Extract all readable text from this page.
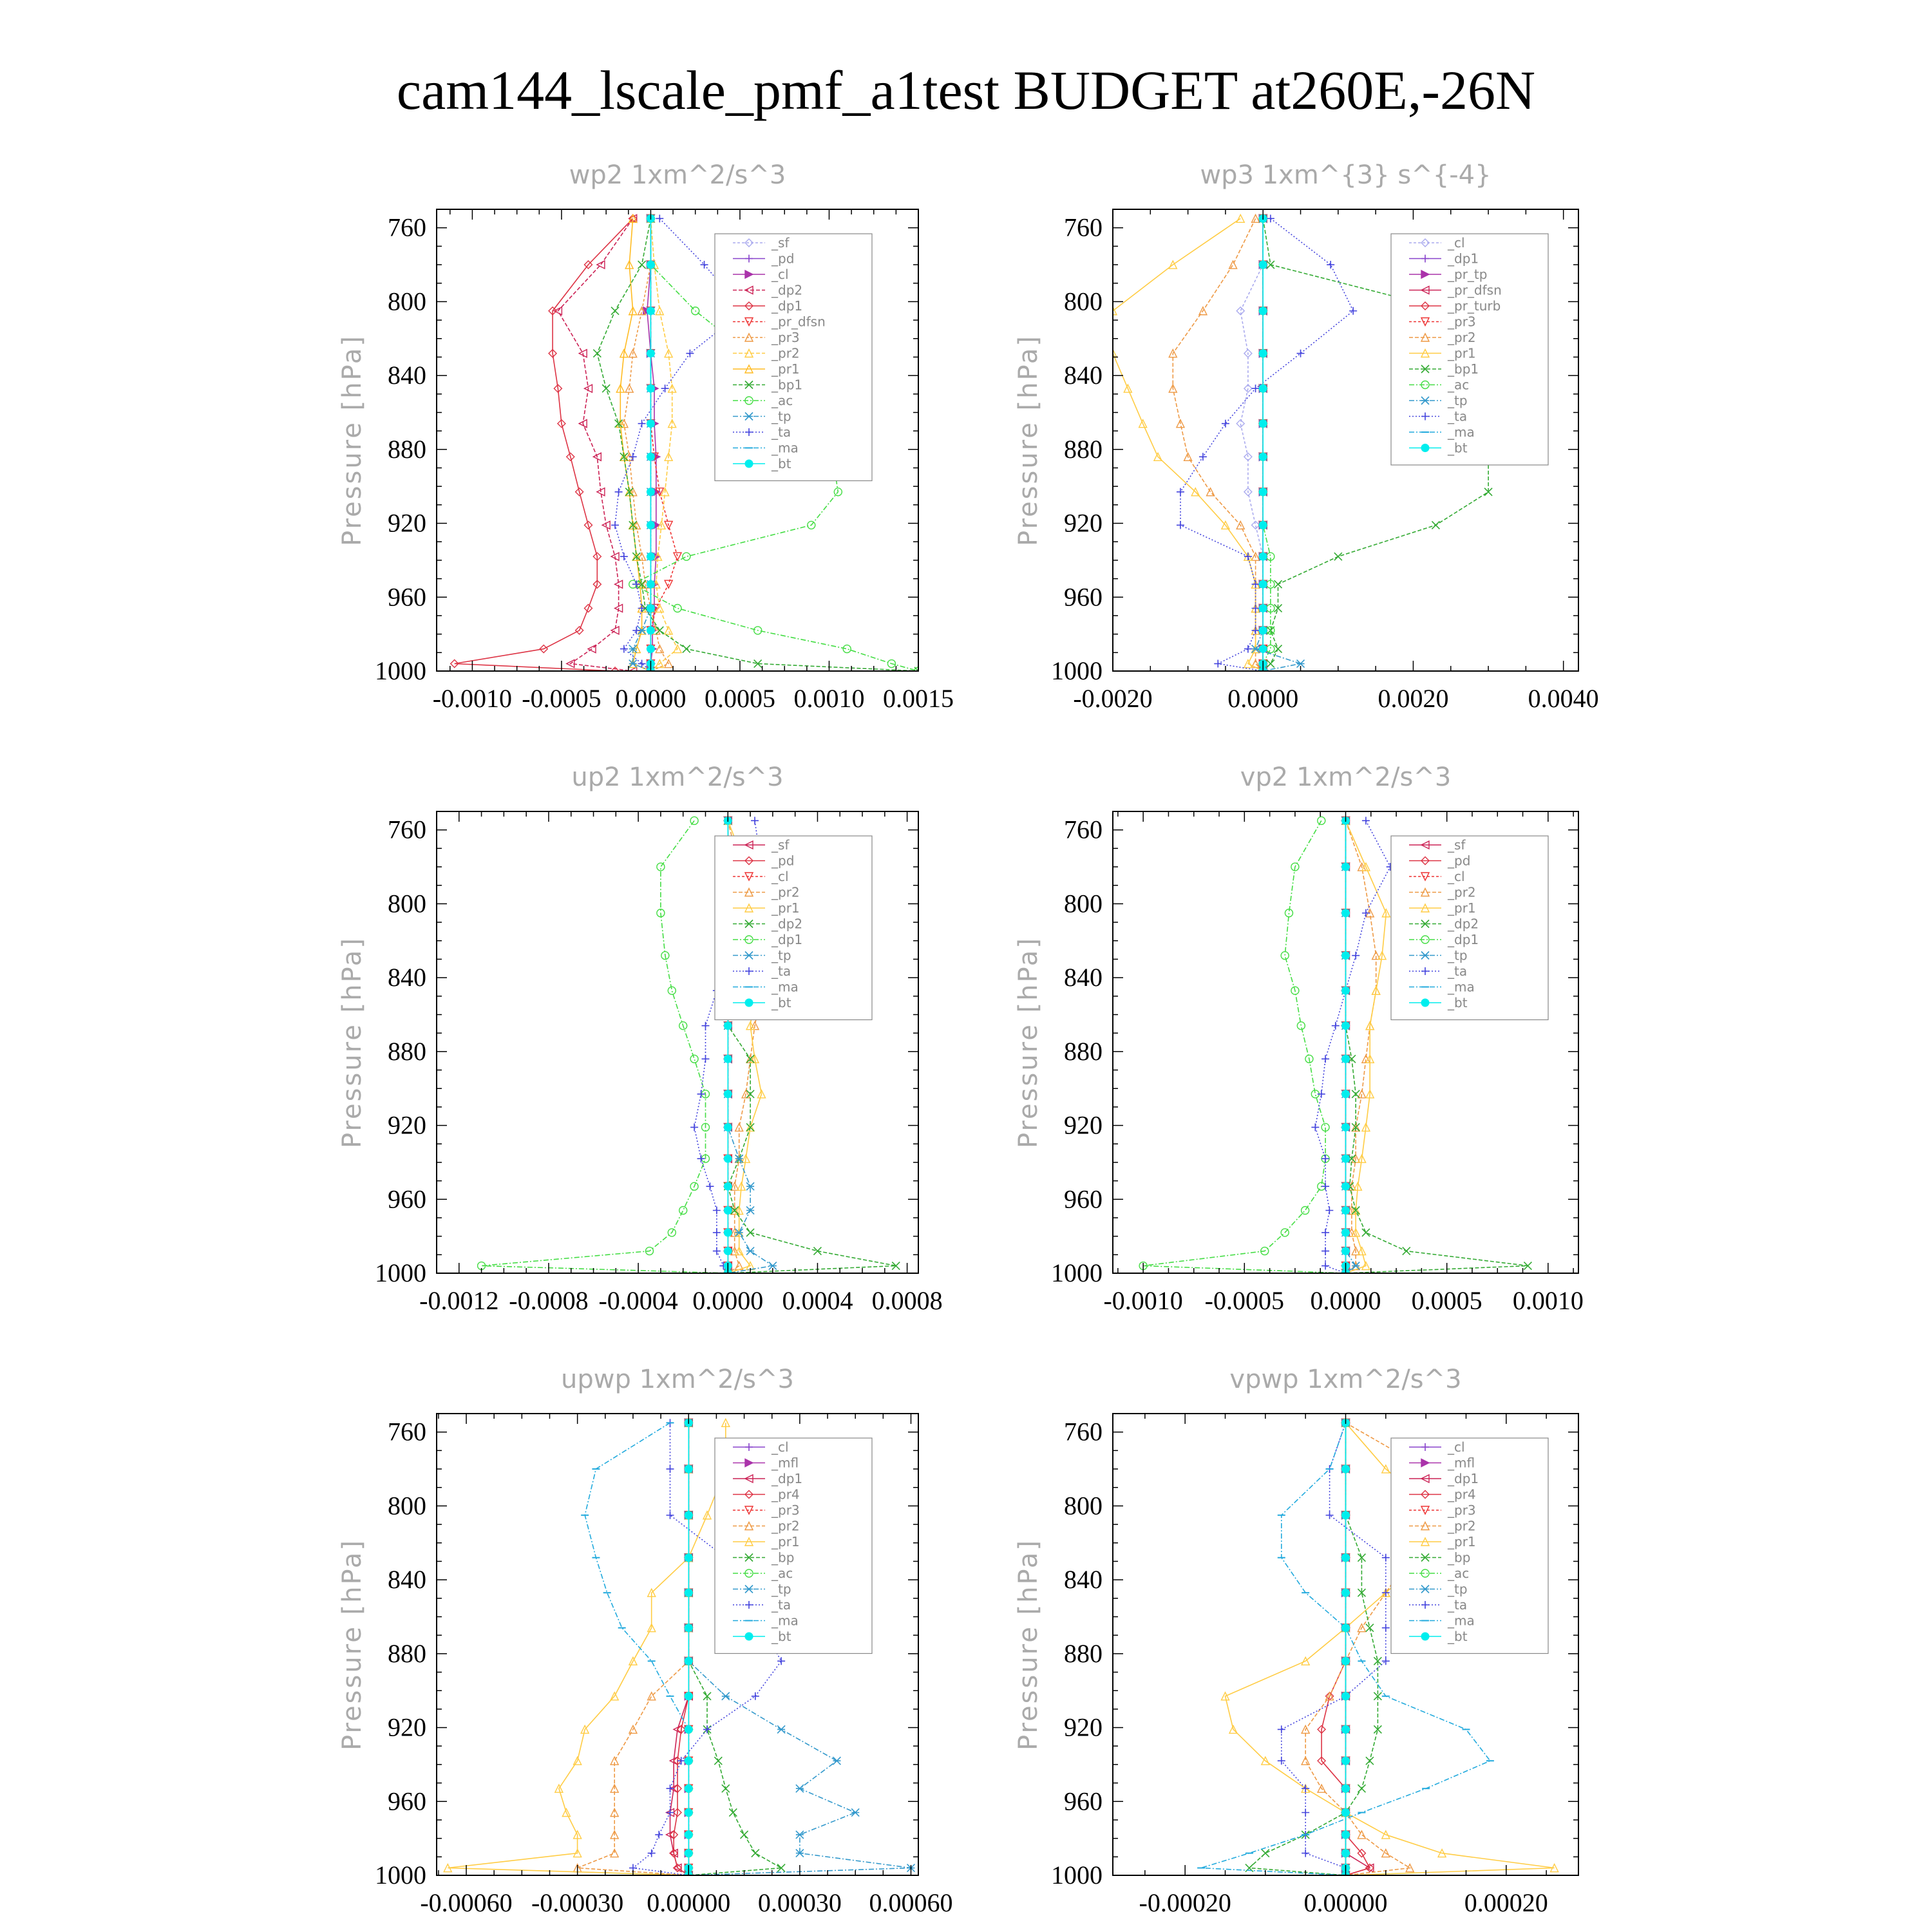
cam144_lscale_pmf_a1test BUDGET at260E,-26N
wp2 1xm^2/s^3
Pressure [hPa]
760
800
840
880
920
960
1000
-0.0010 -0.0005 0.0000 0.0005 0.0010 0.0015
_sf
_pd
_cl
_dp2
_dp1
_pr_dfsn
_pr3
_pr2
_pr1
_bp1
_ac
_tp
_ta
_ma
_bt
wp3 1xm^{3} s^{-4}
Pressure [hPa]
760
800
840
880
920
960
1000
-0.0020	0.0000	0.0020	0.0040
_cl
_dp1
_pr_tp
_pr_dfsn
_pr_turb
_pr3
_pr2
_pr1
_bp1
_ac
_tp
_ta
_ma
_bt
up2 1xm^2/s^3
Pressure [hPa]
760
800
840
880
920
960
1000
-0.0012 -0.0008 -0.0004 0.0000 0.0004 0.0008
_sf
_pd
_cl
_pr2
_pr1
_dp2
_dp1
_tp
_ta
_ma
_bt
vp2 1xm^2/s^3
Pressure [hPa]
760
800
840
880
920
960
1000
-0.0010 -0.0005 0.0000 0.0005 0.0010
_sf
_pd
_cl
_pr2
_pr1
_dp2
_dp1
_tp
_ta
_ma
_bt
upwp 1xm^2/s^3
Pressure [hPa]
760
800
840
880
920
960
1000
-0.00060 -0.00030 0.00000 0.00030 0.00060
_cl
_mfl
_dp1
_pr4
_pr3
_pr2
_pr1
_bp
_ac
_tp
_ta
_ma
_bt
vpwp 1xm^2/s^3
Pressure [hPa]
760
800
840
880
920
960
1000
-0.00020	0.00000	0.00020
_cl
_mfl
_dp1
_pr4
_pr3
_pr2
_pr1
_bp
_ac
_tp
_ta
_ma
_bt
